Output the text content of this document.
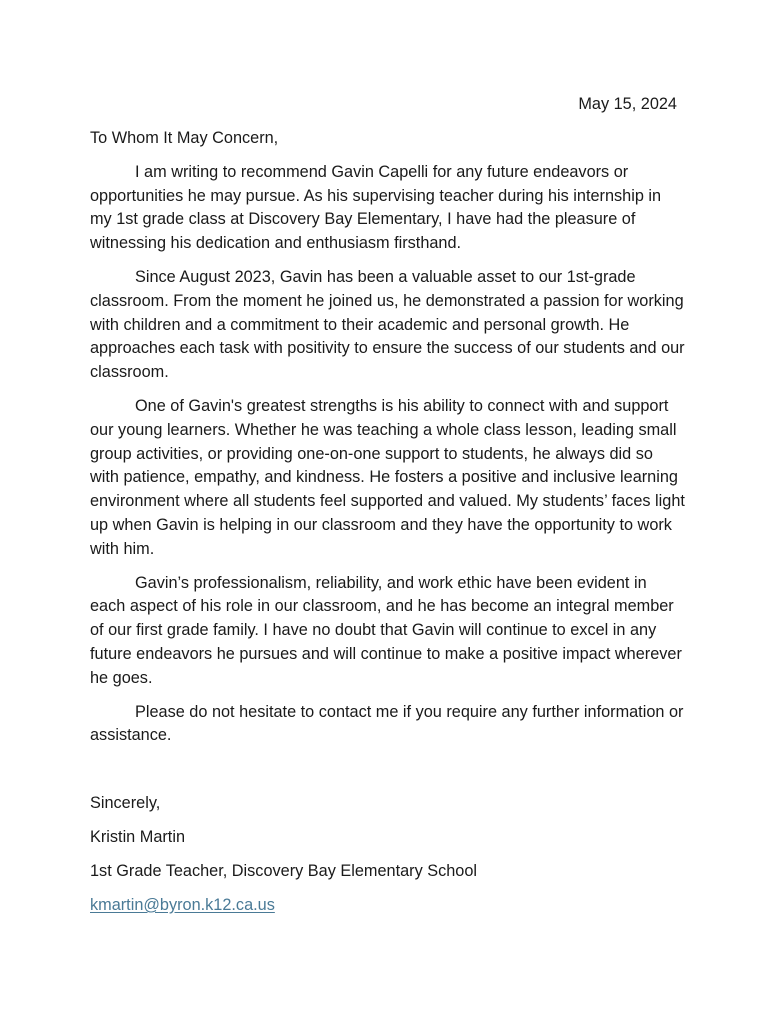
May 15, 2024

To Whom It May Concern,

I am writing to recommend Gavin Capelli for any future endeavors or opportunities he may pursue. As his supervising teacher during his internship in my 1st grade class at Discovery Bay Elementary, I have had the pleasure of witnessing his dedication and enthusiasm firsthand.

Since August 2023, Gavin has been a valuable asset to our 1st-grade classroom. From the moment he joined us, he demonstrated a passion for working with children and a commitment to their academic and personal growth. He approaches each task with positivity to ensure the success of our students and our classroom.

One of Gavin's greatest strengths is his ability to connect with and support our young learners. Whether he was teaching a whole class lesson, leading small group activities, or providing one-on-one support to students, he always did so with patience, empathy, and kindness. He fosters a positive and inclusive learning environment where all students feel supported and valued. My students’ faces light up when Gavin is helping in our classroom and they have the opportunity to work with him.

Gavin’s professionalism, reliability, and work ethic have been evident in each aspect of his role in our classroom, and he has become an integral member of our first grade family. I have no doubt that Gavin will continue to excel in any future endeavors he pursues and will continue to make a positive impact wherever he goes.

Please do not hesitate to contact me if you require any further information or assistance.

Sincerely,

Kristin Martin

1st Grade Teacher, Discovery Bay Elementary School

kmartin@byron.k12.ca.us
